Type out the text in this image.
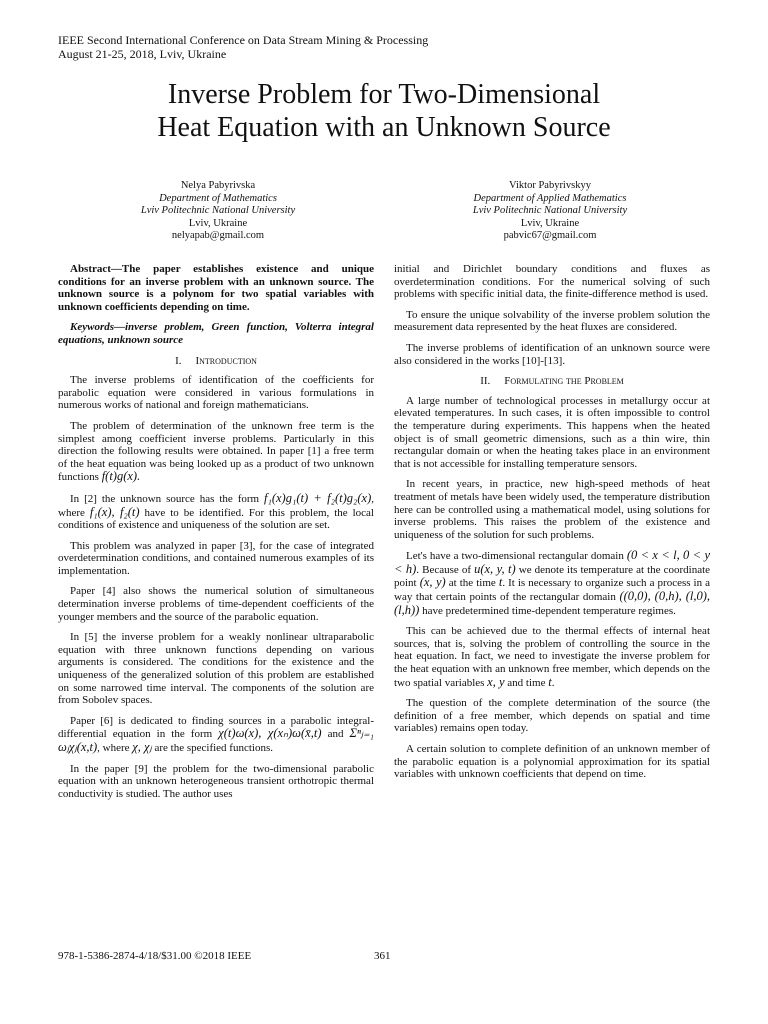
IEEE Second International Conference on Data Stream Mining & Processing
August 21-25, 2018, Lviv, Ukraine
Inverse Problem for Two-Dimensional
Heat Equation with an Unknown Source
Nelya Pabyrivska
Department of Mathematics
Lviv Politechnic National University
Lviv, Ukraine
nelyapab@gmail.com
Viktor Pabyrivskyy
Department of Applied Mathematics
Lviv Politechnic National University
Lviv, Ukraine
pabvic67@gmail.com

Abstract—The paper establishes existence and unique conditions for an inverse problem with an unknown source. The unknown source is a polynom for two spatial variables with unknown coefficients depending on time.

Keywords—inverse problem, Green function, Volterra integral equations, unknown source

I. Introduction

The inverse problems of identification of the coefficients for parabolic equation were considered in various formulations in numerous works of national and foreign mathematicians.

The problem of determination of the unknown free term is the simplest among coefficient inverse problems. Particularly in this direction the following results were obtained. In paper [1] a free term of the heat equation was being looked up as a product of two unknown functions f(t)g(x).

In [2] the unknown source has the form f₁(x)g₁(t) + f₂(t)g₂(x), where f₁(x), f₂(t) have to be identified. For this problem, the local conditions of existence and uniqueness of the solution are set.

This problem was analyzed in paper [3], for the case of integrated overdetermination conditions, and contained numerous examples of its implementation.

Paper [4] also shows the numerical solution of simultaneous determination inverse problems of time-dependent coefficients of the younger members and the source of the parabolic equation.

In [5] the inverse problem for a weakly nonlinear ultraparabolic equation with three unknown functions depending on various arguments is considered. The conditions for the existence and the uniqueness of the generalized solution of this problem are established on some narrowed time interval. The components of the solution are from Sobolev spaces.

Paper [6] is dedicated to finding sources in a parabolic integral-differential equation in the form χ(t)ω(x), χ(xₙ)ω(x̄,t) and Σⁿⱼ₌₁ ωⱼχⱼ(x,t), where χ, χⱼ are the specified functions.

In the paper [9] the problem for the two-dimensional parabolic equation with an unknown heterogeneous transient orthotropic thermal conductivity is studied. The author uses

initial and Dirichlet boundary conditions and fluxes as overdetermination conditions. For the numerical solving of such problems with specific initial data, the finite-difference method is used.

To ensure the unique solvability of the inverse problem solution the measurement data represented by the heat fluxes are considered.

The inverse problems of identification of an unknown source were also considered in the works [10]-[13].

II. Formulating the Problem

A large number of technological processes in metallurgy occur at elevated temperatures. In such cases, it is often impossible to control the temperature during experiments. This happens when the heated object is of small geometric dimensions, such as a thin wire, thin rectangular domain or when the heating takes place in an environment that is not accessible for installing temperature sensors.

In recent years, in practice, new high-speed methods of heat treatment of metals have been widely used, the temperature distribution here can be controlled using a mathematical model, using solutions for inverse problems. This raises the problem of the existence and uniqueness of the solution for such problems.

Let's have a two-dimensional rectangular domain (0 < x < l, 0 < y < h). Because of u(x, y, t) we denote its temperature at the coordinate point (x, y) at the time t. It is necessary to organize such a process in a way that certain points of the rectangular domain ((0,0), (0,h), (l,0), (l,h)) have predetermined time-dependent temperature regimes.

This can be achieved due to the thermal effects of internal heat sources, that is, solving the problem of controlling the source in the heat equation. In fact, we need to investigate the inverse problem for the heat equation with an unknown free member, which depends on the two spatial variables x, y and time t.

The question of the complete determination of the source (the definition of a free member, which depends on spatial and time variables) remains open today.

A certain solution to complete definition of an unknown member of the parabolic equation is a polynomial approximation for its spatial variables with unknown coefficients that depend on time.

978-1-5386-2874-4/18/$31.00 ©2018 IEEE	361
